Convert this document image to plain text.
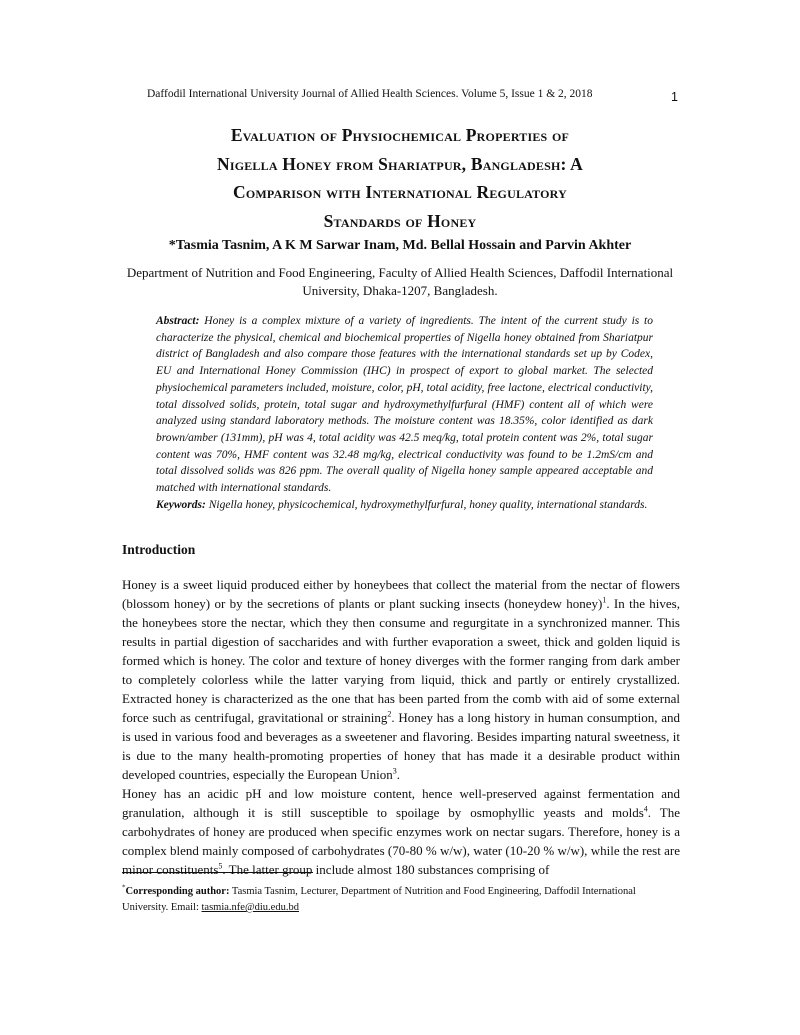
Daffodil International University Journal of Allied Health Sciences. Volume 5, Issue 1 & 2, 2018	1
Evaluation of Physiochemical Properties of
Nigella Honey from Shariatpur, Bangladesh: A
Comparison with International Regulatory
Standards of Honey
*Tasmia Tasnim, A K M Sarwar Inam, Md. Bellal Hossain and Parvin Akhter
Department of Nutrition and Food Engineering, Faculty of Allied Health Sciences, Daffodil International University, Dhaka-1207, Bangladesh.

Abstract: Honey is a complex mixture of a variety of ingredients. The intent of the current study is to characterize the physical, chemical and biochemical properties of Nigella honey obtained from Shariatpur district of Bangladesh and also compare those features with the international standards set up by Codex, EU and International Honey Commission (IHC) in prospect of export to global market. The selected physiochemical parameters included, moisture, color, pH, total acidity, free lactone, electrical conductivity, total dissolved solids, protein, total sugar and hydroxymethylfurfural (HMF) content all of which were analyzed using standard laboratory methods. The moisture content was 18.35%, color identified as dark brown/amber (131mm), pH was 4, total acidity was 42.5 meq/kg, total protein content was 2%, total sugar content was 70%, HMF content was 32.48 mg/kg, electrical conductivity was found to be 1.2mS/cm and total dissolved solids was 826 ppm. The overall quality of Nigella honey sample appeared acceptable and matched with international standards.

Keywords: Nigella honey, physicochemical, hydroxymethylfurfural, honey quality, international standards.

Introduction

Honey is a sweet liquid produced either by honeybees that collect the material from the nectar of flowers (blossom honey) or by the secretions of plants or plant sucking insects (honeydew honey)$^1$. In the hives, the honeybees store the nectar, which they then consume and regurgitate in a synchronized manner. This results in partial digestion of saccharides and with further evaporation a sweet, thick and golden liquid is formed which is honey. The color and texture of honey diverges with the former ranging from dark amber to completely colorless while the latter varying from liquid, thick and partly or entirely crystallized. Extracted honey is characterized as the one that has been parted from the comb with aid of some external force such as centrifugal, gravitational or straining$^2$. Honey has a long history in human consumption, and is used in various food and beverages as a sweetener and flavoring. Besides imparting natural sweetness, it is due to the many health-promoting properties of honey that has made it a desirable product within developed countries, especially the European Union$^3$.

Honey has an acidic pH and low moisture content, hence well-preserved against fermentation and granulation, although it is still susceptible to spoilage by osmophyllic yeasts and molds$^4$. The carbohydrates of honey are produced when specific enzymes work on nectar sugars. Therefore, honey is a complex blend mainly composed of carbohydrates (70-80 % w/w), water (10-20 % w/w), while the rest are minor constituents$^5$. The latter group include almost 180 substances comprising of

*Corresponding author: Tasmia Tasnim, Lecturer, Department of Nutrition and Food Engineering, Daffodil International University. Email: tasmia.nfe@diu.edu.bd
